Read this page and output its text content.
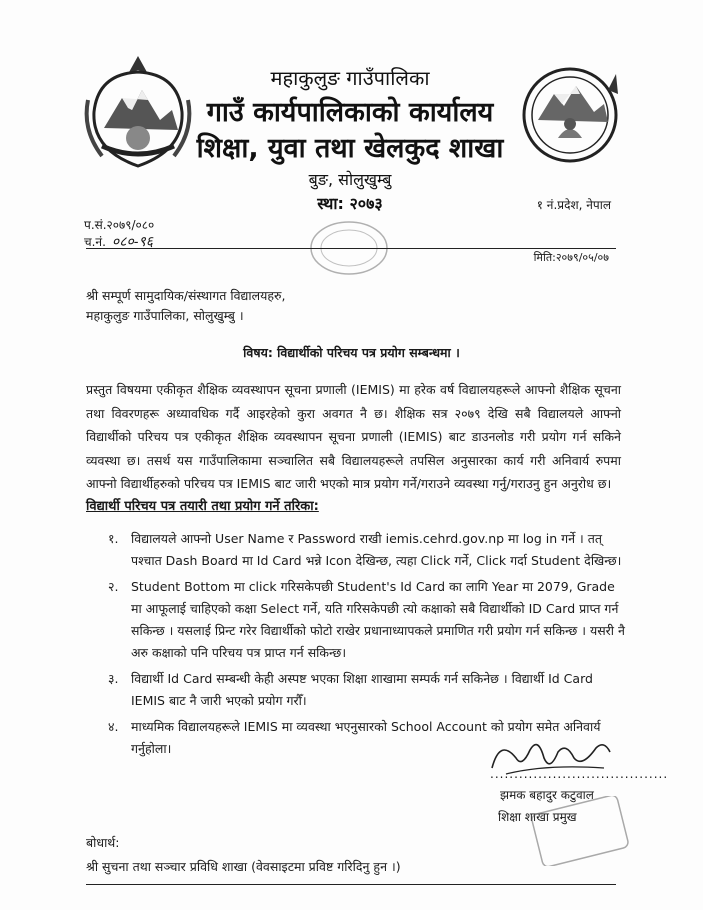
महाकुलुङ गाउँपालिका
गाउँ कार्यपालिकाको कार्यालय
शिक्षा, युवा तथा खेलकुद शाखा
बुङ, सोलुखुम्बु
स्था: २०७३	१ नं.प्रदेश, नेपाल
प.सं.२०७९/०८०
च.नं. ०८०-९६
मिति:२०७९/०५/०७
श्री सम्पूर्ण सामुदायिक/संस्थागत विद्यालयहरु,
महाकुलुङ गाउँपालिका, सोलुखुम्बु ।
विषय: विद्यार्थीको परिचय पत्र प्रयोग सम्बन्धमा ।
प्रस्तुत विषयमा एकीकृत शैक्षिक व्यवस्थापन सूचना प्रणाली (IEMIS) मा हरेक वर्ष विद्यालयहरूले आफ्नो शैक्षिक सूचना तथा विवरणहरू अध्यावधिक गर्दै आइरहेको कुरा अवगत नै छ। शैक्षिक सत्र २०७९ देखि सबै विद्यालयले आफ्नो विद्यार्थीको परिचय पत्र एकीकृत शैक्षिक व्यवस्थापन सूचना प्रणाली (IEMIS) बाट डाउनलोड गरी प्रयोग गर्न सकिने व्यवस्था छ। तसर्थ यस गाउँपालिकामा सञ्चालित सबै विद्यालयहरूले तपसिल अनुसारका कार्य गरी अनिवार्य रुपमा आफ्नो विद्यार्थीहरुको परिचय पत्र IEMIS बाट जारी भएको मात्र प्रयोग गर्ने/गराउने व्यवस्था गर्नु/गराउनु हुन अनुरोध छ।
विद्यार्थी परिचय पत्र तयारी तथा प्रयोग गर्ने तरिका:
१.	विद्यालयले आफ्नो User Name र Password राखी iemis.cehrd.gov.np मा log in गर्ने । तत् पश्चात Dash Board मा Id Card भन्ने Icon देखिन्छ, त्यहा Click गर्ने, Click गर्दा Student देखिन्छ।
२.	Student Bottom मा click गरिसकेपछी Student's Id Card का लागि Year मा 2079, Grade मा आफूलाई चाहिएको कक्षा Select गर्ने, यति गरिसकेपछी त्यो कक्षाको सबै विद्यार्थीको ID Card प्राप्त गर्न सकिन्छ । यसलाई प्रिन्ट गरेर विद्यार्थीको फोटो राखेर प्रधानाध्यापकले प्रमाणित गरी प्रयोग गर्न सकिन्छ । यसरी नै अरु कक्षाको पनि परिचय पत्र प्राप्त गर्न सकिन्छ।
३.	विद्यार्थी Id Card सम्बन्धी केही अस्पष्ट भएका शिक्षा शाखामा सम्पर्क गर्न सकिनेछ । विद्यार्थी Id Card IEMIS बाट नै जारी भएको प्रयोग गरौँ।
४.	माध्यमिक विद्यालयहरूले IEMIS मा व्यवस्था भएनुसारको School Account को प्रयोग समेत अनिवार्य गर्नुहोला।
.....................................
झमक बहादुर कटुवाल
शिक्षा शाखा प्रमुख
बोधार्थ:
श्री सुचना तथा सञ्चार प्रविधि शाखा (वेवसाइटमा प्रविष्ट गरिदिनु हुन ।)
